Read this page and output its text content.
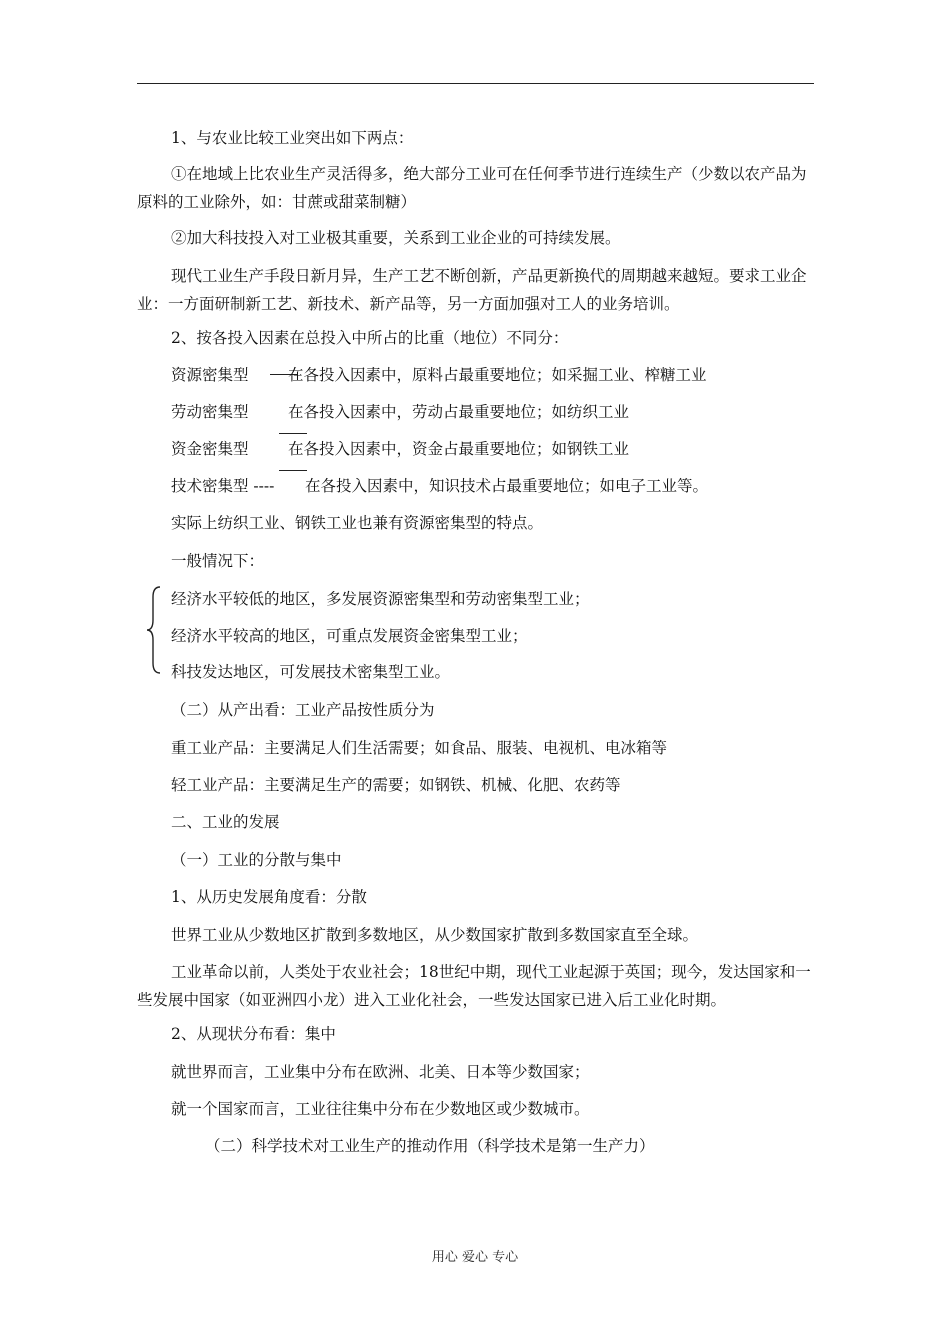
1、与农业比较工业突出如下两点：
①在地域上比农业生产灵活得多，绝大部分工业可在任何季节进行连续生产（少数以农产品为原料的工业除外，如：甘蔗或甜菜制糖）
②加大科技投入对工业极其重要，关系到工业企业的可持续发展。
现代工业生产手段日新月异，生产工艺不断创新，产品更新换代的周期越来越短。要求工业企业：一方面研制新工艺、新技术、新产品等，另一方面加强对工人的业务培训。
2、按各投入因素在总投入中所占的比重（地位）不同分：
资源密集型	在各投入因素中，原料占最重要地位；如采掘工业、榨糖工业
劳动密集型	在各投入因素中，劳动占最重要地位；如纺织工业
资金密集型	在各投入因素中，资金占最重要地位；如钢铁工业
技术密集型 ---- 在各投入因素中，知识技术占最重要地位；如电子工业等。
实际上纺织工业、钢铁工业也兼有资源密集型的特点。
一般情况下：
经济水平较低的地区，多发展资源密集型和劳动密集型工业；
经济水平较高的地区，可重点发展资金密集型工业；
科技发达地区，可发展技术密集型工业。
（二）从产出看：工业产品按性质分为
重工业产品：主要满足人们生活需要；如食品、服装、电视机、电冰箱等
轻工业产品：主要满足生产的需要；如钢铁、机械、化肥、农药等
二、工业的发展
（一）工业的分散与集中
1、从历史发展角度看：分散
世界工业从少数地区扩散到多数地区，从少数国家扩散到多数国家直至全球。
工业革命以前，人类处于农业社会；18世纪中期，现代工业起源于英国；现今，发达国家和一些发展中国家（如亚洲四小龙）进入工业化社会，一些发达国家已进入后工业化时期。
2、从现状分布看：集中
就世界而言，工业集中分布在欧洲、北美、日本等少数国家；
就一个国家而言，工业往往集中分布在少数地区或少数城市。
（二）科学技术对工业生产的推动作用（科学技术是第一生产力）
用心 爱心 专心
